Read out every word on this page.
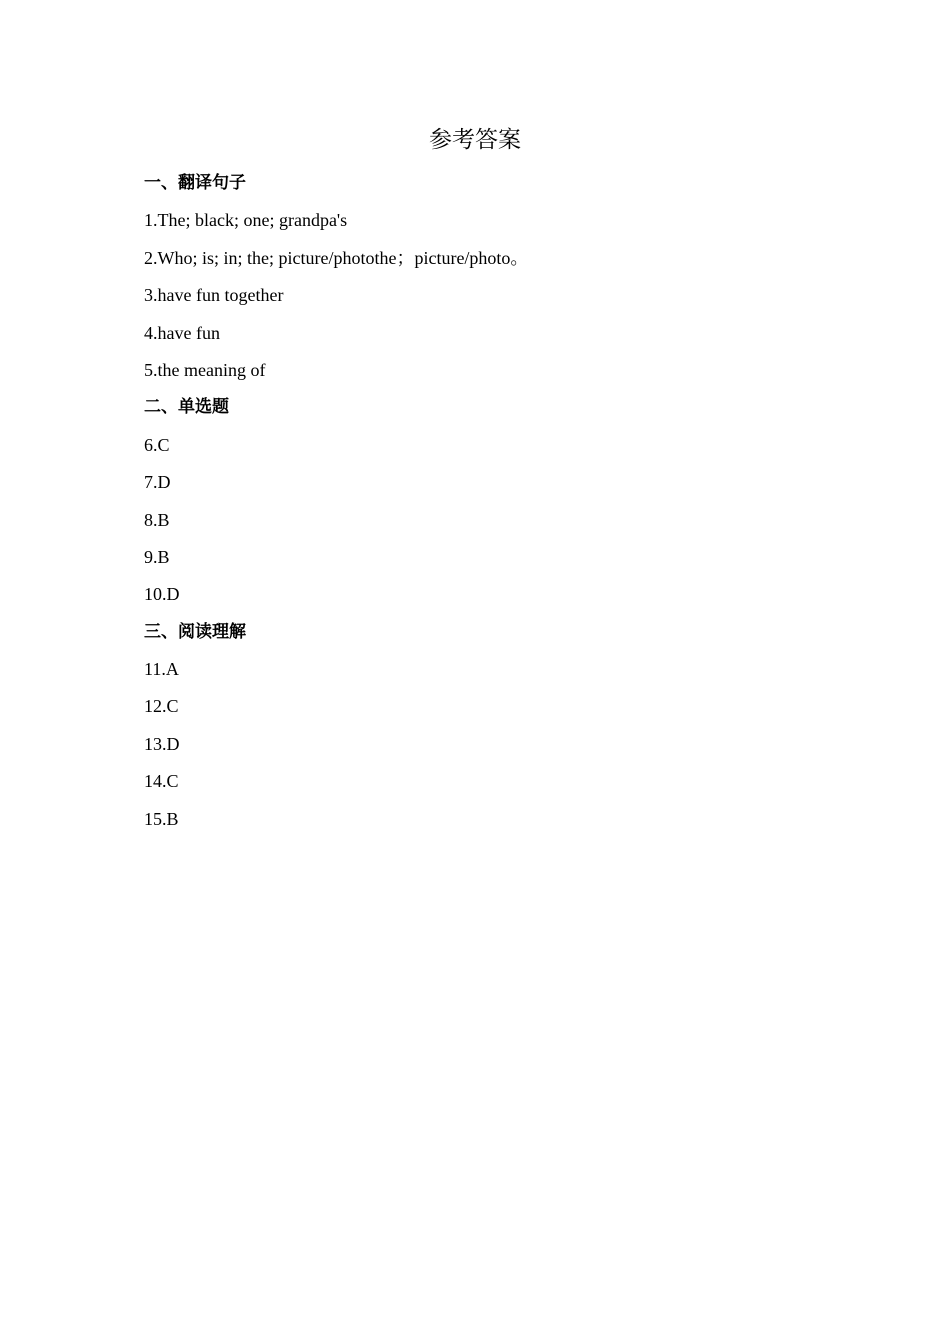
参考答案
一、翻译句子
1.The; black; one; grandpa's
2.Who; is; in; the; picture/photothe；picture/photo。
3.have fun together
4.have fun
5.the meaning of
二、单选题
6.C
7.D
8.B
9.B
10.D
三、阅读理解
11.A
12.C
13.D
14.C
15.B
